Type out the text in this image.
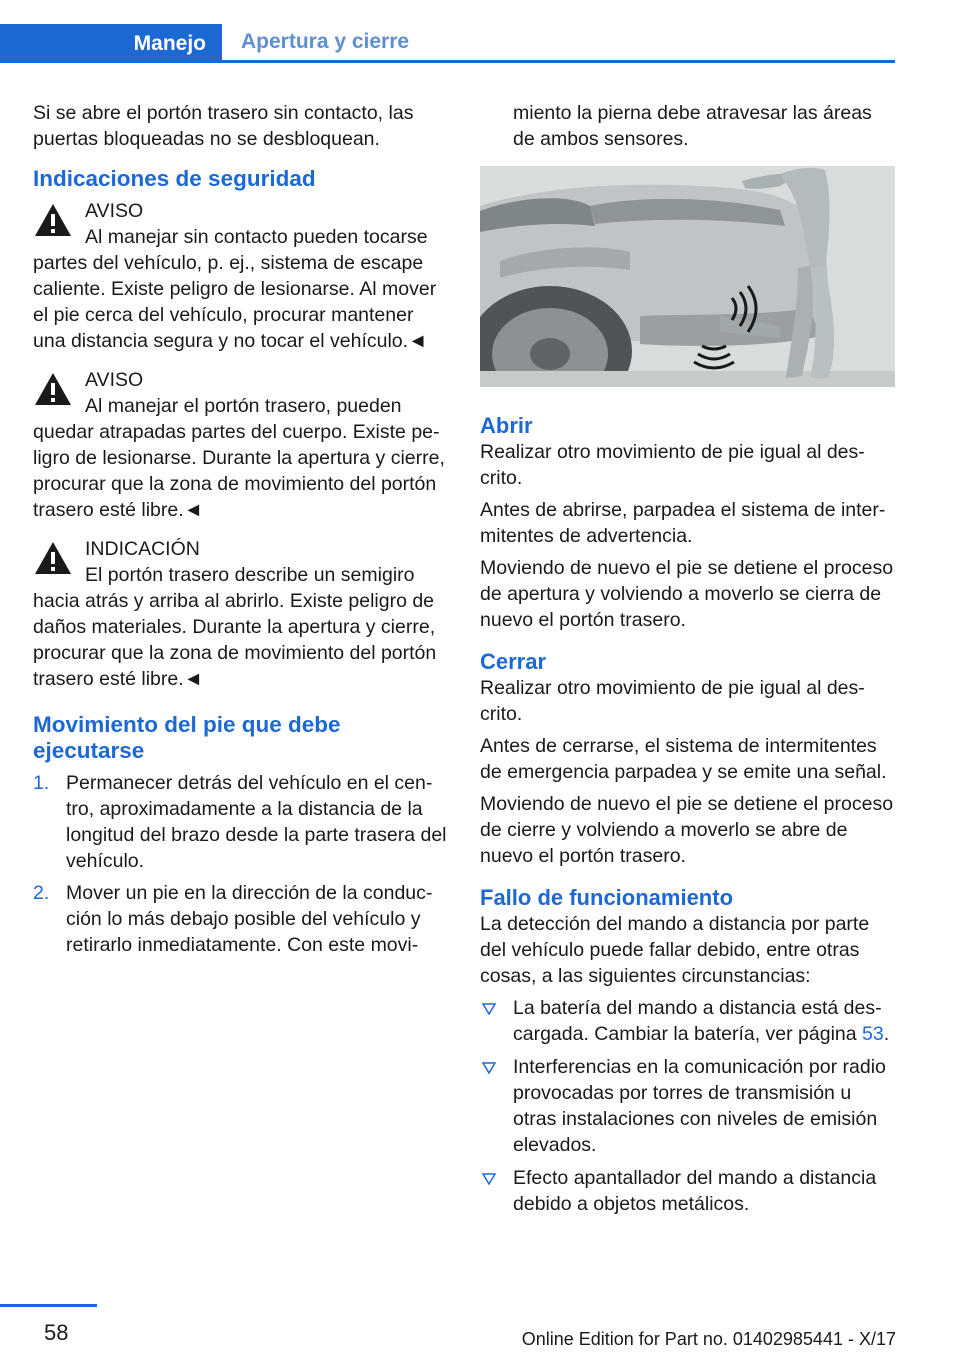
Manejo	Apertura y cierre

Si se abre el portón trasero sin contacto, las puertas bloqueadas no se desbloquean.

Indicaciones de seguridad
AVISO
Al manejar sin contacto pueden tocarse
partes del vehículo, p. ej., sistema de escape caliente. Existe peligro de lesionarse. Al mover el pie cerca del vehículo, procurar mantener una distancia segura y no tocar el vehículo.◄
AVISO
Al manejar el portón trasero, pueden
quedar atrapadas partes del cuerpo. Existe peligro de lesionarse. Durante la apertura y cierre, procurar que la zona de movimiento del portón trasero esté libre.◄
INDICACIÓN
El portón trasero describe un semigiro
hacia atrás y arriba al abrirlo. Existe peligro de daños materiales. Durante la apertura y cierre, procurar que la zona de movimiento del portón trasero esté libre.◄
Movimiento del pie que debe ejecutarse
1. Permanecer detrás del vehículo en el centro, aproximadamente a la distancia de la longitud del brazo desde la parte trasera del vehículo.
2. Mover un pie en la dirección de la conducción lo más debajo posible del vehículo y retirarlo inmediatamente. Con este movi-

miento la pierna debe atravesar las áreas de ambos sensores.

Abrir

Realizar otro movimiento de pie igual al descrito.

Antes de abrirse, parpadea el sistema de intermitentes de advertencia.

Moviendo de nuevo el pie se detiene el proceso de apertura y volviendo a moverlo se cierra de nuevo el portón trasero.

Cerrar

Realizar otro movimiento de pie igual al descrito.

Antes de cerrarse, el sistema de intermitentes de emergencia parpadea y se emite una señal.

Moviendo de nuevo el pie se detiene el proceso de cierre y volviendo a moverlo se abre de nuevo el portón trasero.

Fallo de funcionamiento

La detección del mando a distancia por parte del vehículo puede fallar debido, entre otras cosas, a las siguientes circunstancias:

La batería del mando a distancia está descargada. Cambiar la batería, ver página 53.
Interferencias en la comunicación por radio provocadas por torres de transmisión u otras instalaciones con niveles de emisión elevados.
Efecto apantallador del mando a distancia debido a objetos metálicos.
58	Online Edition for Part no. 01402985441 - X/17
